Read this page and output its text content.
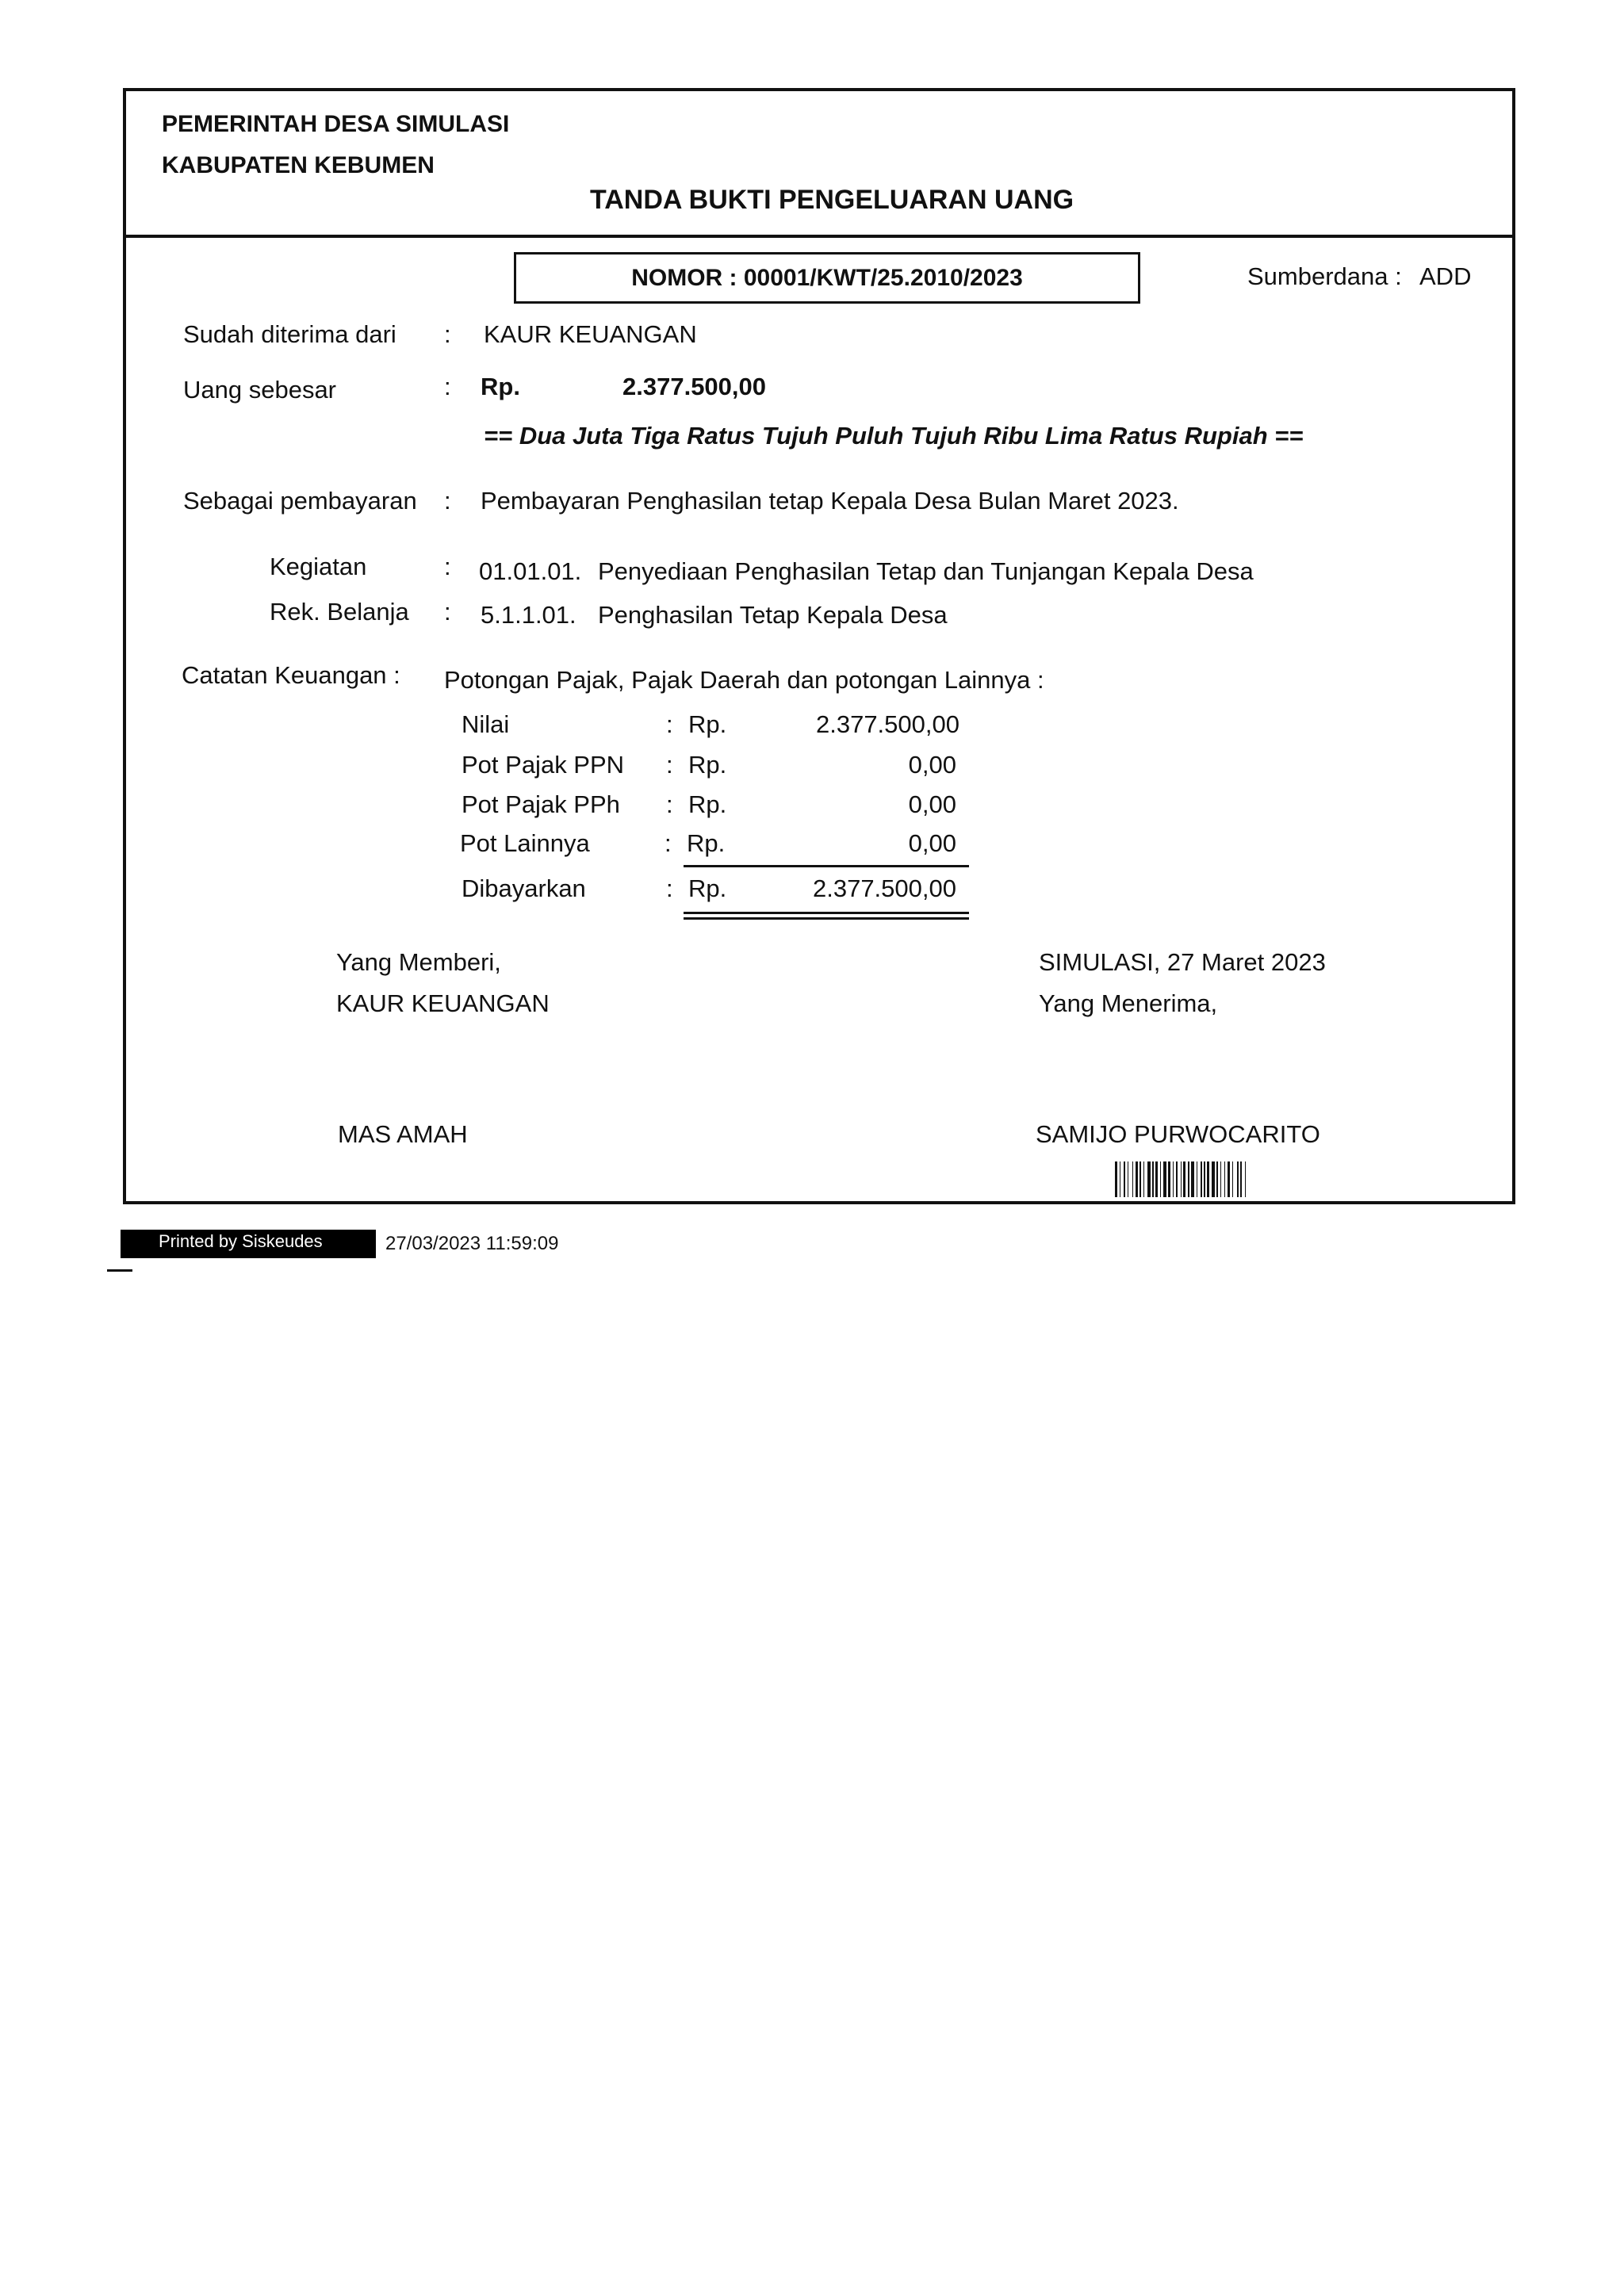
PEMERINTAH DESA SIMULASI
KABUPATEN KEBUMEN
TANDA BUKTI PENGELUARAN UANG
NOMOR : 00001/KWT/25.2010/2023	Sumberdana : ADD
Sudah diterima dari : KAUR KEUANGAN
Uang sebesar	: Rp.	2.377.500,00
== Dua Juta Tiga Ratus Tujuh Puluh Tujuh Ribu Lima Ratus Rupiah ==
Sebagai pembayaran : Pembayaran Penghasilan tetap Kepala Desa Bulan Maret 2023.
Kegiatan	: 01.01.01. Penyediaan Penghasilan Tetap dan Tunjangan Kepala Desa
Rek. Belanja : 5.1.1.01. Penghasilan Tetap Kepala Desa
Catatan Keuangan : Potongan Pajak, Pajak Daerah dan potongan Lainnya :
Nilai	: Rp.	2.377.500,00
Pot Pajak PPN : Rp.	0,00
Pot Pajak PPh : Rp.	0,00
Pot Lainnya	: Rp.	0,00
Dibayarkan	: Rp.	2.377.500,00
Yang Memberi,
KAUR KEUANGAN
MAS AMAH
SIMULASI, 27 Maret 2023
Yang Menerima,
SAMIJO PURWOCARITO
Printed by Siskeudes	27/03/2023 11:59:09
